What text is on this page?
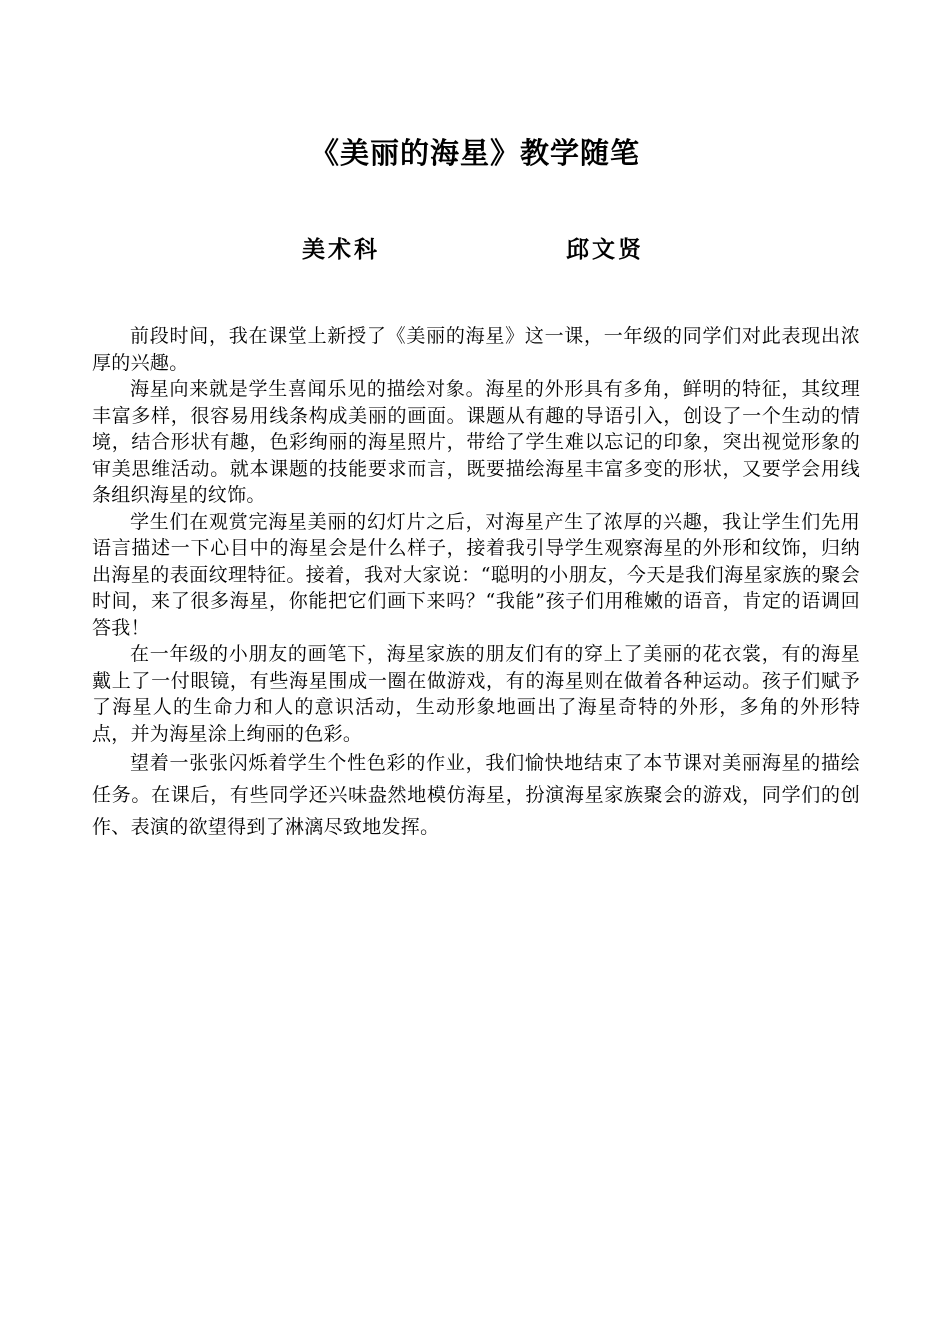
《美丽的海星》教学随笔
美术科	邱文贤

前段时间，我在课堂上新授了《美丽的海星》这一课，一年级的同学们对此表现出浓厚的兴趣。

海星向来就是学生喜闻乐见的描绘对象。海星的外形具有多角，鲜明的特征，其纹理丰富多样，很容易用线条构成美丽的画面。课题从有趣的导语引入，创设了一个生动的情境，结合形状有趣，色彩绚丽的海星照片，带给了学生难以忘记的印象，突出视觉形象的审美思维活动。就本课题的技能要求而言，既要描绘海星丰富多变的形状，又要学会用线条组织海星的纹饰。

学生们在观赏完海星美丽的幻灯片之后，对海星产生了浓厚的兴趣，我让学生们先用语言描述一下心目中的海星会是什么样子，接着我引导学生观察海星的外形和纹饰，归纳出海星的表面纹理特征。接着，我对大家说：“聪明的小朋友，今天是我们海星家族的聚会时间，来了很多海星，你能把它们画下来吗？“我能”孩子们用稚嫩的语音，肯定的语调回答我！

在一年级的小朋友的画笔下，海星家族的朋友们有的穿上了美丽的花衣裳，有的海星戴上了一付眼镜，有些海星围成一圈在做游戏，有的海星则在做着各种运动。孩子们赋予了海星人的生命力和人的意识活动，生动形象地画出了海星奇特的外形，多角的外形特点，并为海星涂上绚丽的色彩。

望着一张张闪烁着学生个性色彩的作业，我们愉快地结束了本节课对美丽海星的描绘任务。在课后，有些同学还兴味盎然地模仿海星，扮演海星家族聚会的游戏，同学们的创作、表演的欲望得到了淋漓尽致地发挥。
